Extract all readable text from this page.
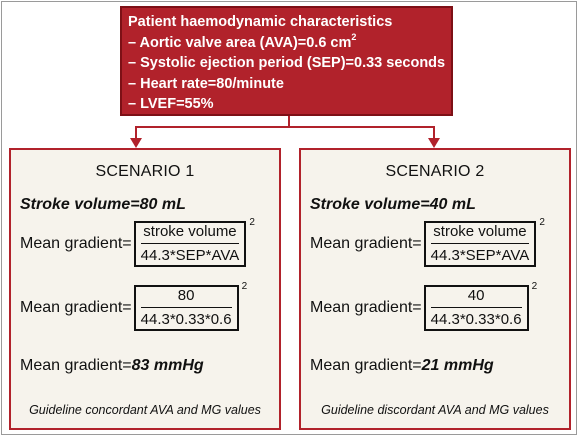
Patient haemodynamic characteristics
– Aortic valve area (AVA)=0.6 $cm^2$
– Systolic ejection period (SEP)=0.33 seconds
– Heart rate=80/minute
– LVEF=55%
SCENARIO 1
Stroke volume=80 mL
Mean gradient=
stroke volume
44.3*SEP*AVA
2
Mean gradient=
80
44.3*0.33*0.6
2
Mean gradient=83 mmHg
Guideline concordant AVA and MG values
SCENARIO 2
Stroke volume=40 mL
Mean gradient=
stroke volume
44.3*SEP*AVA
2
Mean gradient=
40
44.3*0.33*0.6
2
Mean gradient=21 mmHg
Guideline discordant AVA and MG values
